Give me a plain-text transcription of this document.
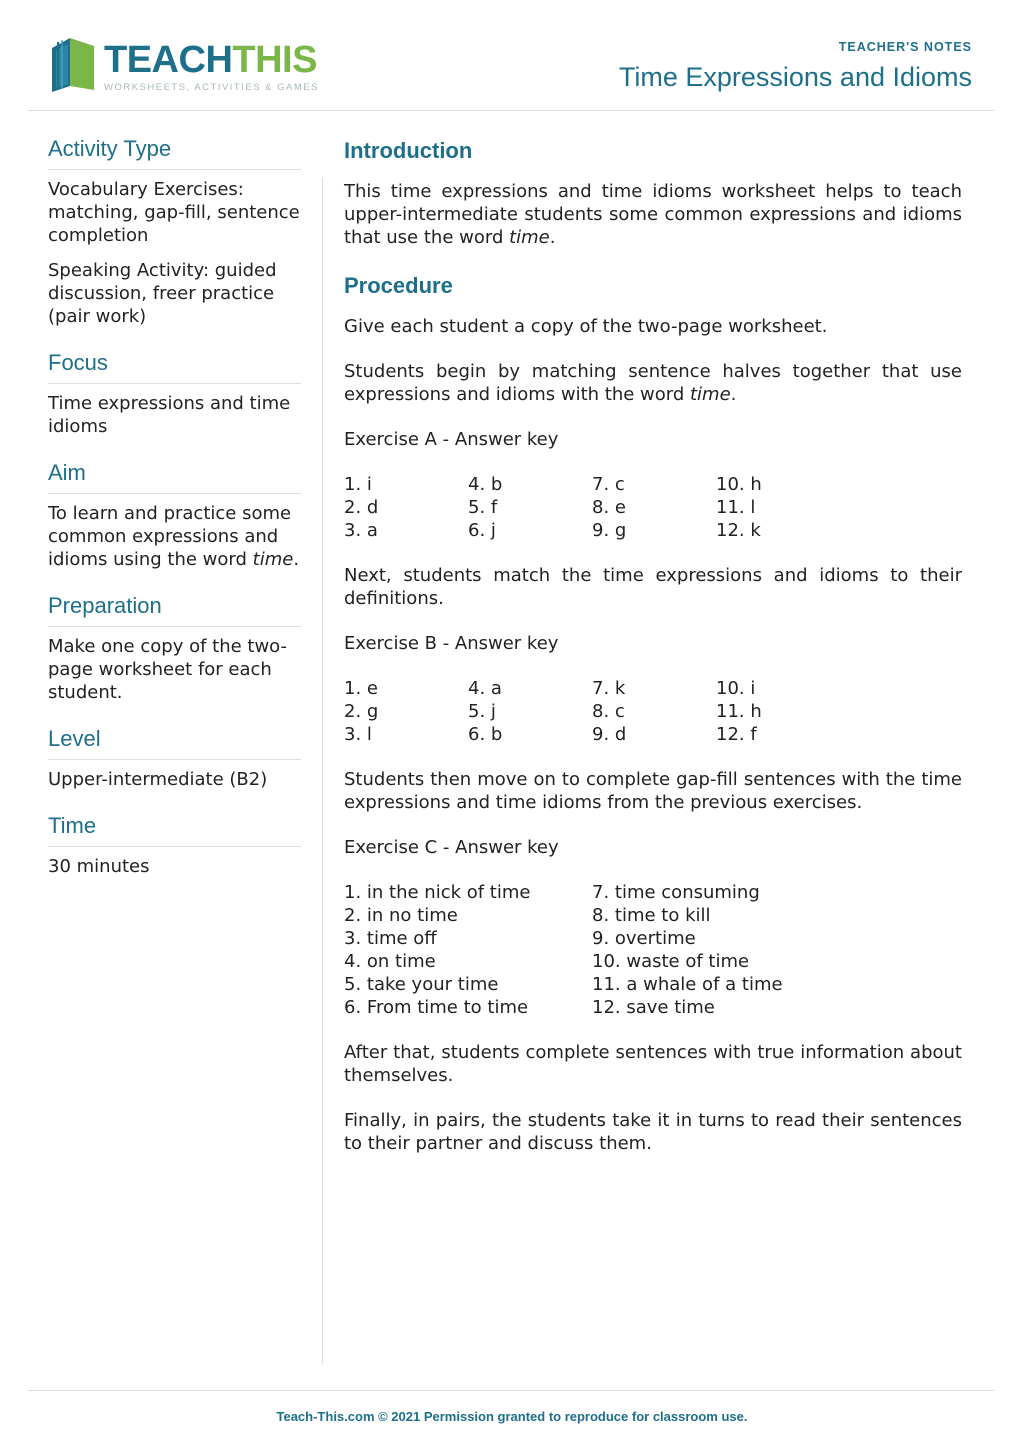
TEACHTHIS
WORKSHEETS, ACTIVITIES & GAMES
TEACHER'S NOTES
Time Expressions and Idioms
Activity Type

Vocabulary Exercises: matching, gap-fill, sentence completion

Speaking Activity: guided discussion, freer practice (pair work)

Focus

Time expressions and time idioms

Aim

To learn and practice some common expressions and idioms using the word time.

Preparation

Make one copy of the two-page worksheet for each student.

Level

Upper-intermediate (B2)

Time

30 minutes

Introduction

This time expressions and time idioms worksheet helps to teach upper-intermediate students some common expressions and idioms that use the word time.

Procedure

Give each student a copy of the two-page worksheet.

Students begin by matching sentence halves together that use expressions and idioms with the word time.

Exercise A - Answer key

1. i	4. b	7. c	10. h
2. d	5. f	8. e	11. l
3. a	6. j	9. g	12. k

Next, students match the time expressions and idioms to their definitions.

Exercise B - Answer key

1. e	4. a	7. k	10. i
2. g	5. j	8. c	11. h
3. l	6. b	9. d	12. f

Students then move on to complete gap-fill sentences with the time expressions and time idioms from the previous exercises.

Exercise C - Answer key

1. in the nick of time	7. time consuming
2. in no time	8. time to kill
3. time off	9. overtime
4. on time	10. waste of time
5. take your time	11. a whale of a time
6. From time to time	12. save time

After that, students complete sentences with true information about themselves.

Finally, in pairs, the students take it in turns to read their sentences to their partner and discuss them.

Teach-This.com © 2021 Permission granted to reproduce for classroom use.
